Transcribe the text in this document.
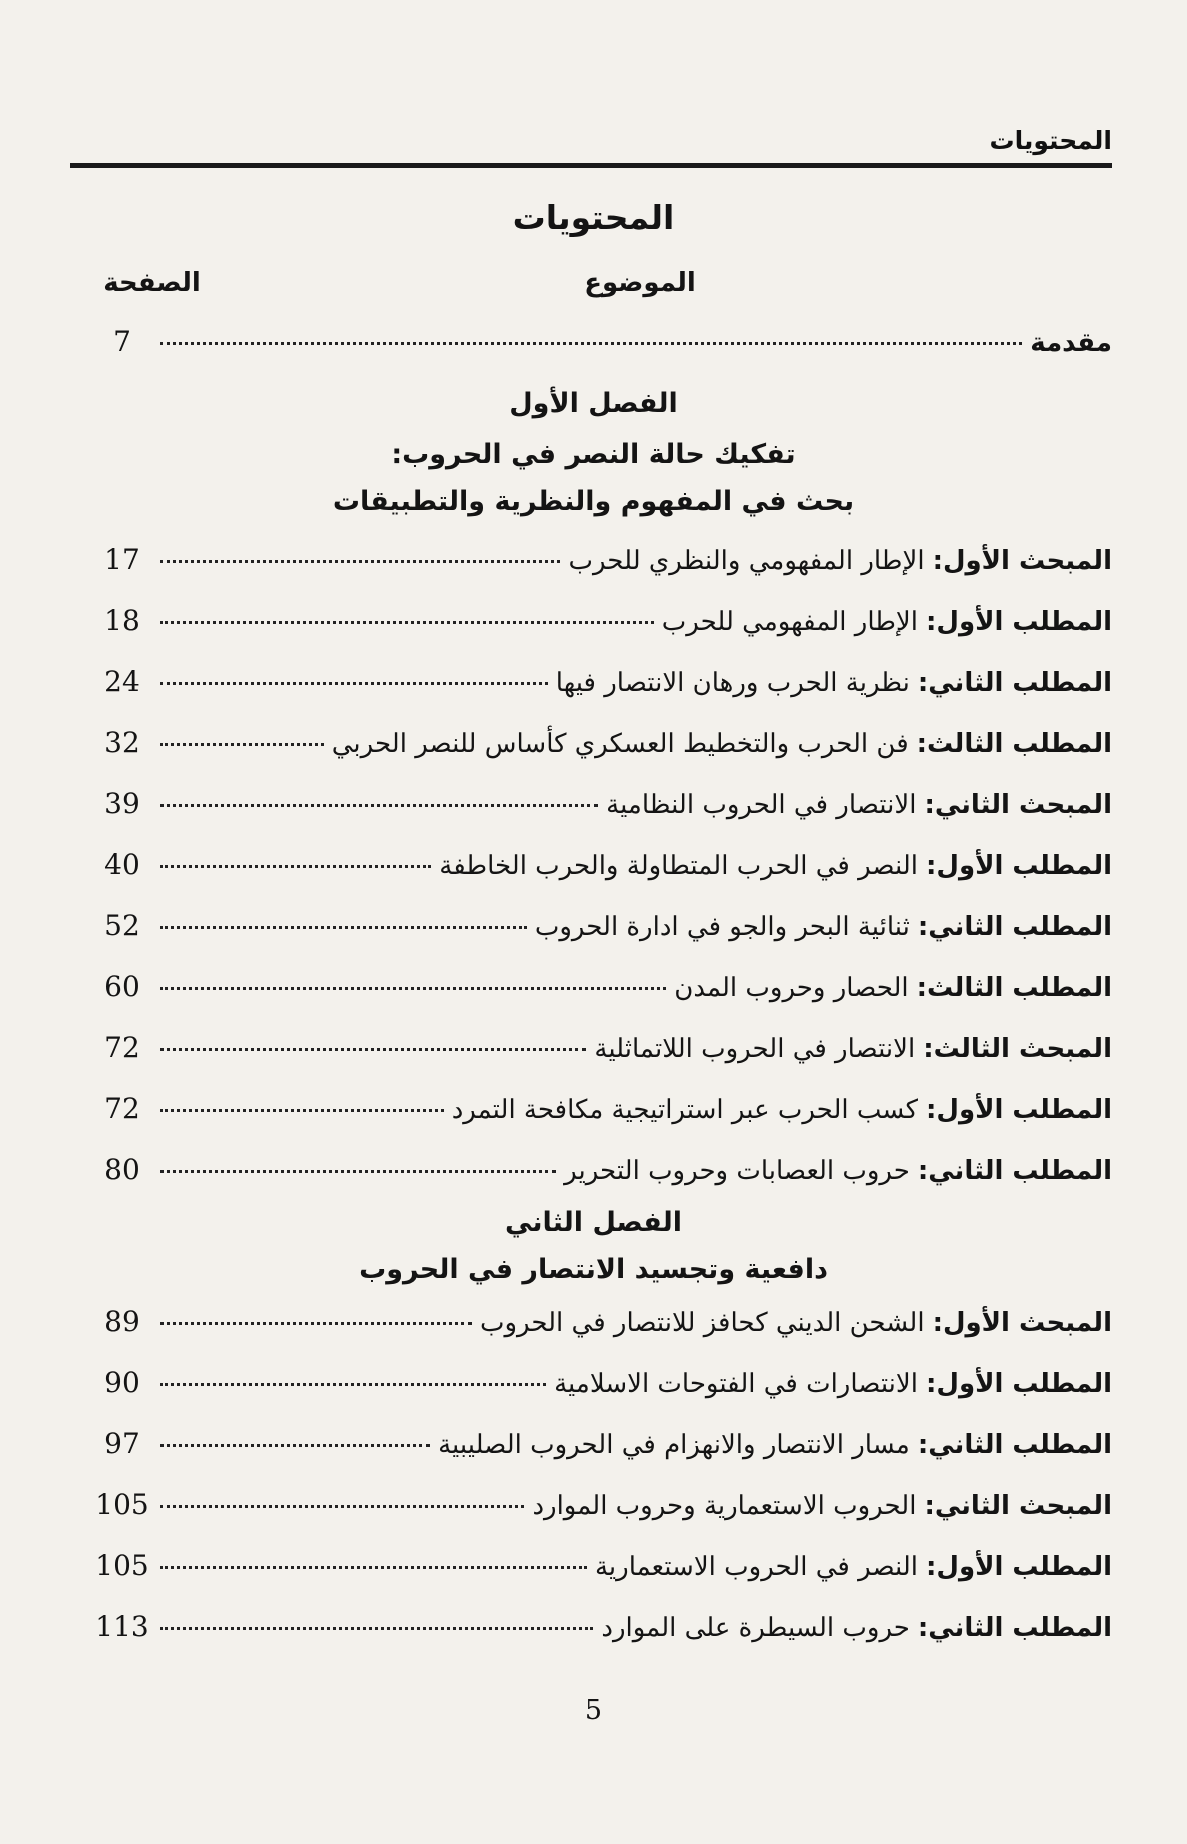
المحتويات
المحتويات
الموضوع
الصفحة
مقدمة
7
الفصل الأول
تفكيك حالة النصر في الحروب:
بحث في المفهوم والنظرية والتطبيقات
المبحث الأول:
الإطار المفهومي والنظري للحرب
17
المطلب الأول:
الإطار المفهومي للحرب
18
المطلب الثاني:
نظرية الحرب ورهان الانتصار فيها
24
المطلب الثالث:
فن الحرب والتخطيط العسكري كأساس للنصر الحربي
32
المبحث الثاني:
الانتصار في الحروب النظامية
39
المطلب الأول:
النصر في الحرب المتطاولة والحرب الخاطفة
40
المطلب الثاني:
ثنائية البحر والجو في ادارة الحروب
52
المطلب الثالث:
الحصار وحروب المدن
60
المبحث الثالث:
الانتصار في الحروب اللاتماثلية
72
المطلب الأول:
كسب الحرب عبر استراتيجية مكافحة التمرد
72
المطلب الثاني:
حروب العصابات وحروب التحرير
80
الفصل الثاني
دافعية وتجسيد الانتصار في الحروب
المبحث الأول:
الشحن الديني كحافز للانتصار في الحروب
89
المطلب الأول:
الانتصارات في الفتوحات الاسلامية
90
المطلب الثاني:
مسار الانتصار والانهزام في الحروب الصليبية
97
المبحث الثاني:
الحروب الاستعمارية وحروب الموارد
105
المطلب الأول:
النصر في الحروب الاستعمارية
105
المطلب الثاني:
حروب السيطرة على الموارد
113
5
